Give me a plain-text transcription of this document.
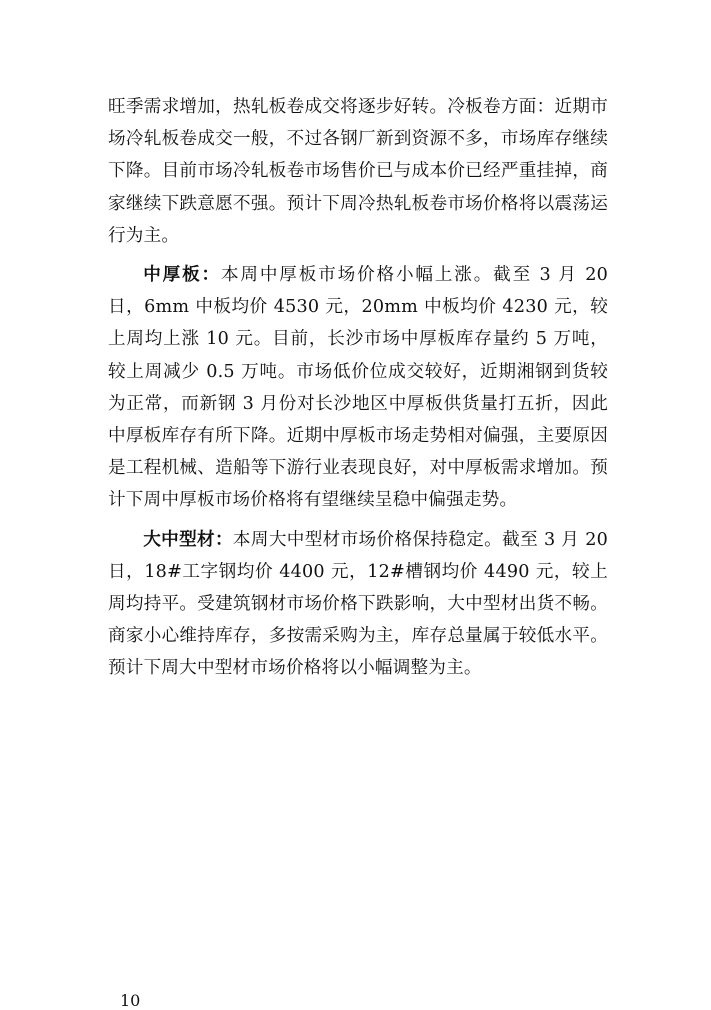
旺季需求增加，热轧板卷成交将逐步好转。冷板卷方面：近期市场冷轧板卷成交一般，不过各钢厂新到资源不多，市场库存继续下降。目前市场冷轧板卷市场售价已与成本价已经严重挂掉，商家继续下跌意愿不强。预计下周冷热轧板卷市场价格将以震荡运行为主。

中厚板：本周中厚板市场价格小幅上涨。截至 3 月 20 日，6mm 中板均价 4530 元，20mm 中板均价 4230 元，较上周均上涨 10 元。目前，长沙市场中厚板库存量约 5 万吨，较上周减少 0.5 万吨。市场低价位成交较好，近期湘钢到货较为正常，而新钢 3 月份对长沙地区中厚板供货量打五折，因此中厚板库存有所下降。近期中厚板市场走势相对偏强，主要原因是工程机械、造船等下游行业表现良好，对中厚板需求增加。预计下周中厚板市场价格将有望继续呈稳中偏强走势。

大中型材：本周大中型材市场价格保持稳定。截至 3 月 20 日，18#工字钢均价 4400 元，12#槽钢均价 4490 元，较上周均持平。受建筑钢材市场价格下跌影响，大中型材出货不畅。商家小心维持库存，多按需采购为主，库存总量属于较低水平。预计下周大中型材市场价格将以小幅调整为主。

10
